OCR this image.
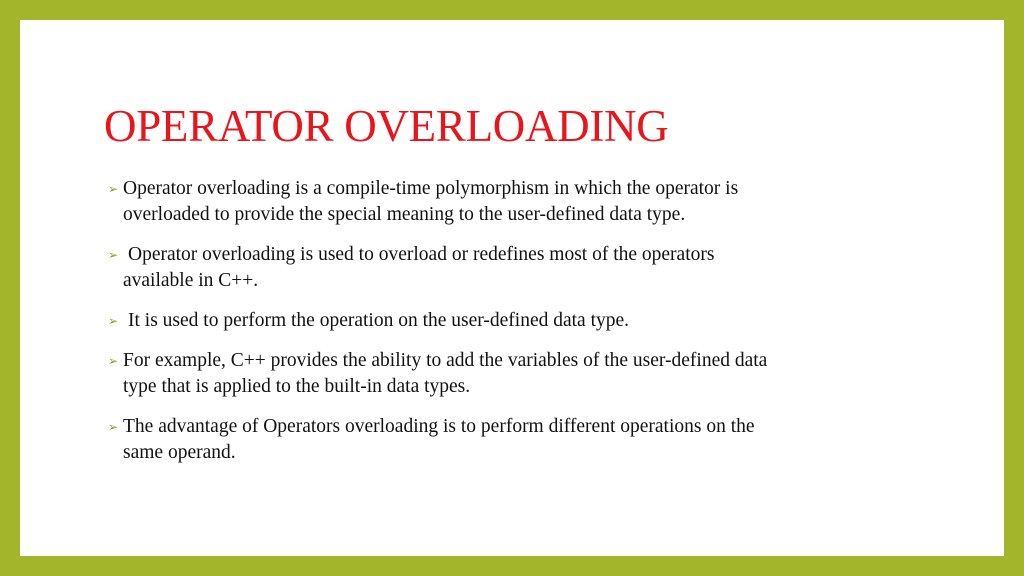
OPERATOR OVERLOADING
➢ Operator overloading is a compile-time polymorphism in which the operator is
overloaded to provide the special meaning to the user-defined data type.
➢ Operator overloading is used to overload or redefines most of the operators
available in C++.
➢ It is used to perform the operation on the user-defined data type.
➢ For example, C++ provides the ability to add the variables of the user-defined data
type that is applied to the built-in data types.
➢ The advantage of Operators overloading is to perform different operations on the
same operand.
